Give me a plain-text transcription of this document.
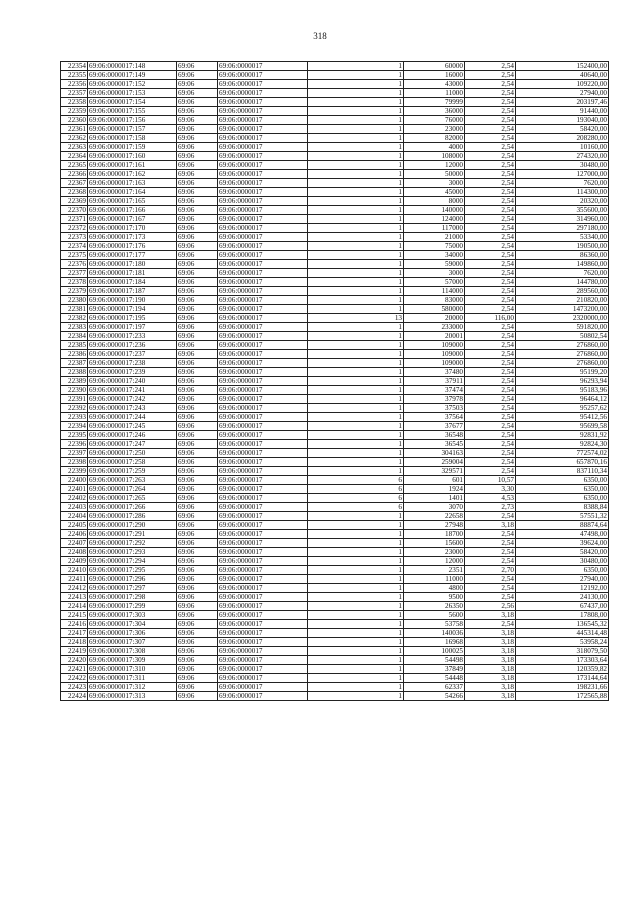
318
22354	69:06:0000017:148	69:06	69:06:0000017	1	60000	2,54	152400,00
22355	69:06:0000017:149	69:06	69:06:0000017	1	16000	2,54	40640,00
22356	69:06:0000017:152	69:06	69:06:0000017	1	43000	2,54	109220,00
22357	69:06:0000017:153	69:06	69:06:0000017	1	11000	2,54	27940,00
22358	69:06:0000017:154	69:06	69:06:0000017	1	79999	2,54	203197,46
22359	69:06:0000017:155	69:06	69:06:0000017	1	36000	2,54	91440,00
22360	69:06:0000017:156	69:06	69:06:0000017	1	76000	2,54	193040,00
22361	69:06:0000017:157	69:06	69:06:0000017	1	23000	2,54	58420,00
22362	69:06:0000017:158	69:06	69:06:0000017	1	82000	2,54	208280,00
22363	69:06:0000017:159	69:06	69:06:0000017	1	4000	2,54	10160,00
22364	69:06:0000017:160	69:06	69:06:0000017	1	108000	2,54	274320,00
22365	69:06:0000017:161	69:06	69:06:0000017	1	12000	2,54	30480,00
22366	69:06:0000017:162	69:06	69:06:0000017	1	50000	2,54	127000,00
22367	69:06:0000017:163	69:06	69:06:0000017	1	3000	2,54	7620,00
22368	69:06:0000017:164	69:06	69:06:0000017	1	45000	2,54	114300,00
22369	69:06:0000017:165	69:06	69:06:0000017	1	8000	2,54	20320,00
22370	69:06:0000017:166	69:06	69:06:0000017	1	140000	2,54	355600,00
22371	69:06:0000017:167	69:06	69:06:0000017	1	124000	2,54	314960,00
22372	69:06:0000017:170	69:06	69:06:0000017	1	117000	2,54	297180,00
22373	69:06:0000017:173	69:06	69:06:0000017	1	21000	2,54	53340,00
22374	69:06:0000017:176	69:06	69:06:0000017	1	75000	2,54	190500,00
22375	69:06:0000017:177	69:06	69:06:0000017	1	34000	2,54	86360,00
22376	69:06:0000017:180	69:06	69:06:0000017	1	59000	2,54	149860,00
22377	69:06:0000017:181	69:06	69:06:0000017	1	3000	2,54	7620,00
22378	69:06:0000017:184	69:06	69:06:0000017	1	57000	2,54	144780,00
22379	69:06:0000017:187	69:06	69:06:0000017	1	114000	2,54	289560,00
22380	69:06:0000017:190	69:06	69:06:0000017	1	83000	2,54	210820,00
22381	69:06:0000017:194	69:06	69:06:0000017	1	580000	2,54	1473200,00
22382	69:06:0000017:195	69:06	69:06:0000017	13	20000	116,00	2320000,00
22383	69:06:0000017:197	69:06	69:06:0000017	1	233000	2,54	591820,00
22384	69:06:0000017:233	69:06	69:06:0000017	1	20001	2,54	50802,54
22385	69:06:0000017:236	69:06	69:06:0000017	1	109000	2,54	276860,00
22386	69:06:0000017:237	69:06	69:06:0000017	1	109000	2,54	276860,00
22387	69:06:0000017:238	69:06	69:06:0000017	1	109000	2,54	276860,00
22388	69:06:0000017:239	69:06	69:06:0000017	1	37480	2,54	95199,20
22389	69:06:0000017:240	69:06	69:06:0000017	1	37911	2,54	96293,94
22390	69:06:0000017:241	69:06	69:06:0000017	1	37474	2,54	95183,96
22391	69:06:0000017:242	69:06	69:06:0000017	1	37978	2,54	96464,12
22392	69:06:0000017:243	69:06	69:06:0000017	1	37503	2,54	95257,62
22393	69:06:0000017:244	69:06	69:06:0000017	1	37564	2,54	95412,56
22394	69:06:0000017:245	69:06	69:06:0000017	1	37677	2,54	95699,58
22395	69:06:0000017:246	69:06	69:06:0000017	1	36548	2,54	92831,92
22396	69:06:0000017:247	69:06	69:06:0000017	1	36545	2,54	92824,30
22397	69:06:0000017:250	69:06	69:06:0000017	1	304163	2,54	772574,02
22398	69:06:0000017:258	69:06	69:06:0000017	1	259004	2,54	657870,16
22399	69:06:0000017:259	69:06	69:06:0000017	1	329571	2,54	837110,34
22400	69:06:0000017:263	69:06	69:06:0000017	6	601	10,57	6350,00
22401	69:06:0000017:264	69:06	69:06:0000017	6	1924	3,30	6350,00
22402	69:06:0000017:265	69:06	69:06:0000017	6	1401	4,53	6350,00
22403	69:06:0000017:266	69:06	69:06:0000017	6	3070	2,73	8388,84
22404	69:06:0000017:286	69:06	69:06:0000017	1	22658	2,54	57551,32
22405	69:06:0000017:290	69:06	69:06:0000017	1	27948	3,18	88874,64
22406	69:06:0000017:291	69:06	69:06:0000017	1	18700	2,54	47498,00
22407	69:06:0000017:292	69:06	69:06:0000017	1	15600	2,54	39624,00
22408	69:06:0000017:293	69:06	69:06:0000017	1	23000	2,54	58420,00
22409	69:06:0000017:294	69:06	69:06:0000017	1	12000	2,54	30480,00
22410	69:06:0000017:295	69:06	69:06:0000017	1	2351	2,70	6350,00
22411	69:06:0000017:296	69:06	69:06:0000017	1	11000	2,54	27940,00
22412	69:06:0000017:297	69:06	69:06:0000017	1	4800	2,54	12192,00
22413	69:06:0000017:298	69:06	69:06:0000017	1	9500	2,54	24130,00
22414	69:06:0000017:299	69:06	69:06:0000017	1	26350	2,56	67437,00
22415	69:06:0000017:303	69:06	69:06:0000017	1	5600	3,18	17808,00
22416	69:06:0000017:304	69:06	69:06:0000017	1	53758	2,54	136545,32
22417	69:06:0000017:306	69:06	69:06:0000017	1	140036	3,18	445314,48
22418	69:06:0000017:307	69:06	69:06:0000017	1	16968	3,18	53958,24
22419	69:06:0000017:308	69:06	69:06:0000017	1	100025	3,18	318079,50
22420	69:06:0000017:309	69:06	69:06:0000017	1	54498	3,18	173303,64
22421	69:06:0000017:310	69:06	69:06:0000017	1	37849	3,18	120359,82
22422	69:06:0000017:311	69:06	69:06:0000017	1	54448	3,18	173144,64
22423	69:06:0000017:312	69:06	69:06:0000017	1	62337	3,18	198231,66
22424	69:06:0000017:313	69:06	69:06:0000017	1	54266	3,18	172565,88
